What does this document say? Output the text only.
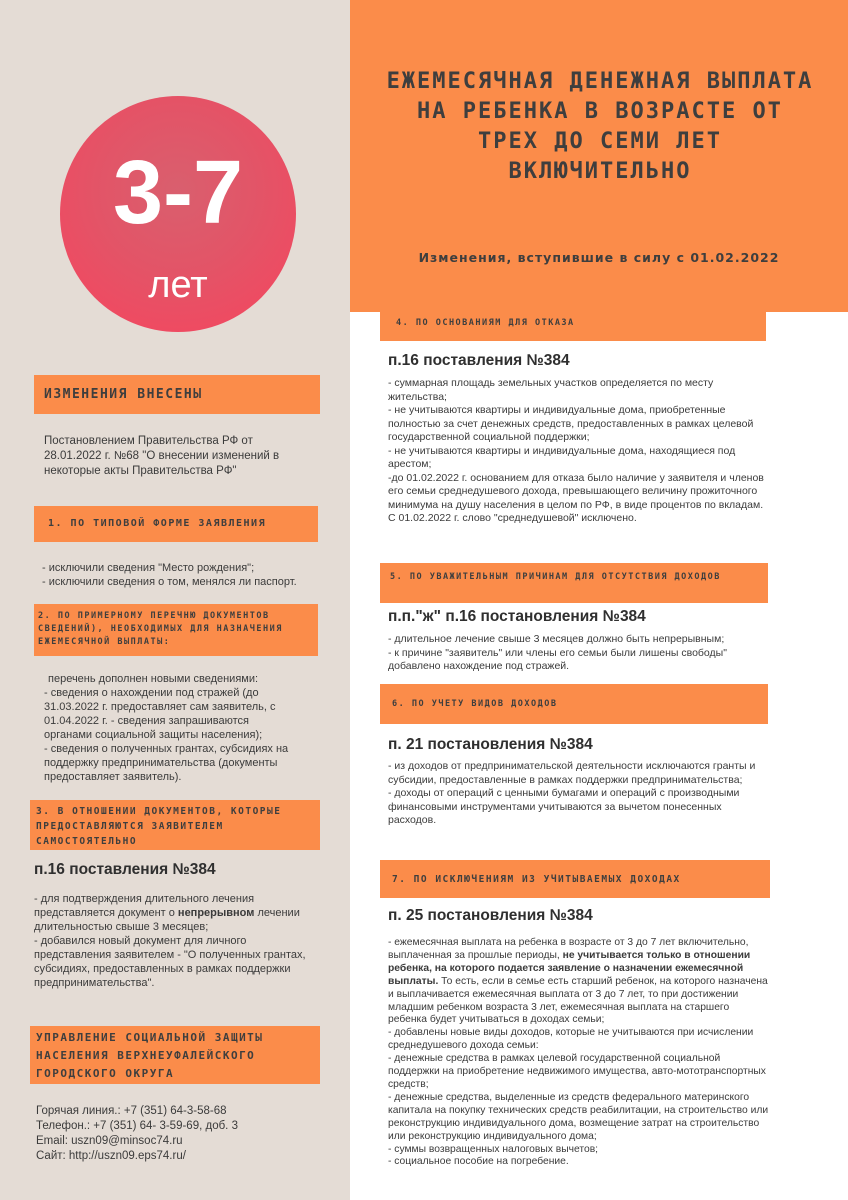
ЕЖЕМЕСЯЧНАЯ ДЕНЕЖНАЯ ВЫПЛАТА НА РЕБЕНКА В ВОЗРАСТЕ ОТ ТРЕХ ДО СЕМИ ЛЕТ ВКЛЮЧИТЕЛЬНО
Изменения, вступившие в силу с 01.02.2022
3-7
лет
ИЗМЕНЕНИЯ ВНЕСЕНЫ
Постановлением Правительства РФ от 28.01.2022 г. №68 "О внесении изменений в некоторые акты Правительства РФ"
1. ПО ТИПОВОЙ ФОРМЕ ЗАЯВЛЕНИЯ

- исключили сведения "Место рождения";

- исключили сведения о том, менялся ли паспорт.

2. ПО ПРИМЕРНОМУ ПЕРЕЧНЮ ДОКУМЕНТОВ СВЕДЕНИЙ), НЕОБХОДИМЫХ ДЛЯ НАЗНАЧЕНИЯ ЕЖЕМЕСЯЧНОЙ ВЫПЛАТЫ:

перечень дополнен новыми сведениями:

- сведения о нахождении под стражей (до 31.03.2022 г. предоставляет сам заявитель, с 01.04.2022 г. - сведения запрашиваются органами социальной защиты населения);

- сведения о полученных грантах, субсидиях на поддержку предпринимательства (документы предоставляет заявитель).

3. В ОТНОШЕНИИ ДОКУМЕНТОВ, КОТОРЫЕ ПРЕДОСТАВЛЯЮТСЯ ЗАЯВИТЕЛЕМ САМОСТОЯТЕЛЬНО
п.16 поставления №384

- для подтверждения длительного лечения представляется документ о непрерывном лечении длительностью свыше 3 месяцев;

- добавился новый документ для личного представления заявителем - "О полученных грантах, субсидиях, предоставленных в рамках поддержки предпринимательства".

УПРАВЛЕНИЕ СОЦИАЛЬНОЙ ЗАЩИТЫ НАСЕЛЕНИЯ ВЕРХНЕУФАЛЕЙСКОГО ГОРОДСКОГО ОКРУГА

Горячая линия.: +7 (351) 64-3-58-68

Телефон.: +7 (351) 64- 3-59-69, доб. 3

Email: uszn09@minsoc74.ru

Сайт: http://uszn09.eps74.ru/

4. ПО ОСНОВАНИЯМ ДЛЯ ОТКАЗА
п.16 поставления №384

- суммарная площадь земельных участков определяется по месту жительства;

- не учитываются квартиры и индивидуальные дома, приобретенные полностью за счет денежных средств, предоставленных в рамках целевой государственной социальной поддержки;

- не учитываются квартиры и индивидуальные дома, находящиеся под арестом;

-до 01.02.2022 г. основанием для отказа было наличие у заявителя и членов его семьи среднедушевого дохода, превышающего величину прожиточного минимума на душу населения в целом по РФ, в виде процентов по вкладам. С 01.02.2022 г. слово "среднедушевой" исключено.

5. ПО УВАЖИТЕЛЬНЫМ ПРИЧИНАМ ДЛЯ ОТСУТСТВИЯ ДОХОДОВ
п.п."ж" п.16 постановления №384

- длительное лечение свыше 3 месяцев должно быть непрерывным;

- к причине "заявитель" или члены его семьи были лишены свободы" добавлено нахождение под стражей.

6. ПО УЧЕТУ ВИДОВ ДОХОДОВ
п. 21 постановления №384

- из доходов от предпринимательской деятельности исключаются гранты и субсидии, предоставленные в рамках поддержки предпринимательства;

- доходы от операций с ценными бумагами и операций с производными финансовыми инструментами учитываются за вычетом понесенных расходов.

7. ПО ИСКЛЮЧЕНИЯМ ИЗ УЧИТЫВАЕМЫХ ДОХОДАХ
п. 25 постановления №384

- ежемесячная выплата на ребенка в возрасте от 3 до 7 лет включительно, выплаченная за прошлые периоды, не учитывается только в отношении ребенка, на которого подается заявление о назначении ежемесячной выплаты. То есть, если в семье есть старший ребенок, на которого назначена и выплачивается ежемесячная выплата от 3 до 7 лет, то при достижении младшим ребенком возраста 3 лет, ежемесячная выплата на старшего ребенка будет учитываться в доходах семьи;

- добавлены новые виды доходов, которые не учитываются при исчислении среднедушевого дохода семьи:

- денежные средства в рамках целевой государственной социальной поддержки на приобретение недвижимого имущества, авто-мототранспортных средств;

- денежные средства, выделенные из средств федерального материнского капитала на покупку технических средств реабилитации, на строительство или реконструкцию индивидуального дома, возмещение затрат на строительство или реконструкцию индивидуального дома;

- суммы возвращенных налоговых вычетов;

- социальное пособие на погребение.
